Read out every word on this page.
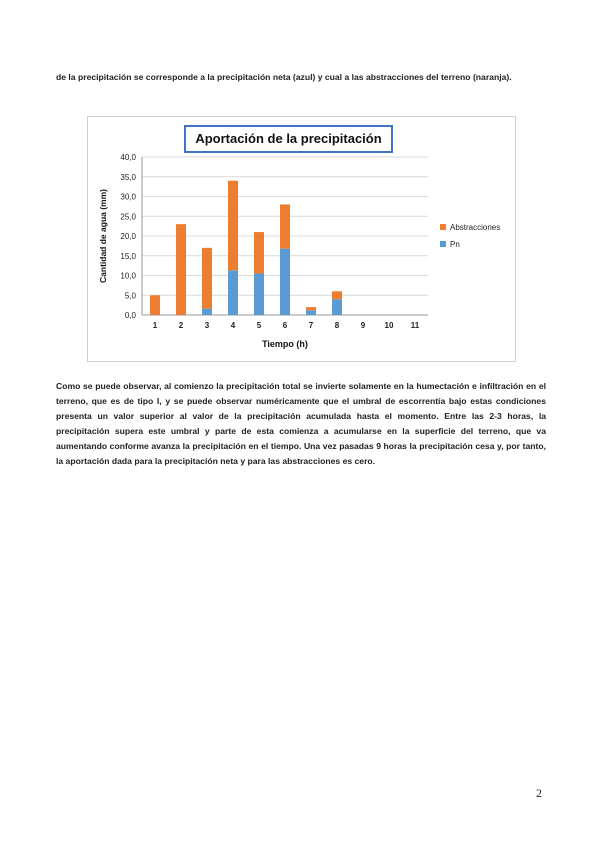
de la precipitación se corresponde a la precipitación neta (azul) y cual a las abstracciones del terreno (naranja).

0,0
5,0
10,0
15,0
20,0
25,0
30,0
35,0
40,0
1	2	3	4	5	6	7	8	9 10 11
Tiempo (h)
Cantidad de agua (mm)	Abstracciones
Pn
Aportación de la precipitación

Como se puede observar, al comienzo la precipitación total se invierte solamente en la humectación e infiltración en el terreno, que es de tipo I, y se puede observar numéricamente que el umbral de escorrentía bajo estas condiciones presenta un valor superior al valor de la precipitación acumulada hasta el momento. Entre las 2-3 horas, la precipitación supera este umbral y parte de esta comienza a acumularse en la superficie del terreno, que va aumentando conforme avanza la precipitación en el tiempo. Una vez pasadas 9 horas la precipitación cesa y, por tanto, la aportación dada para la precipitación neta y para las abstracciones es cero.

2
